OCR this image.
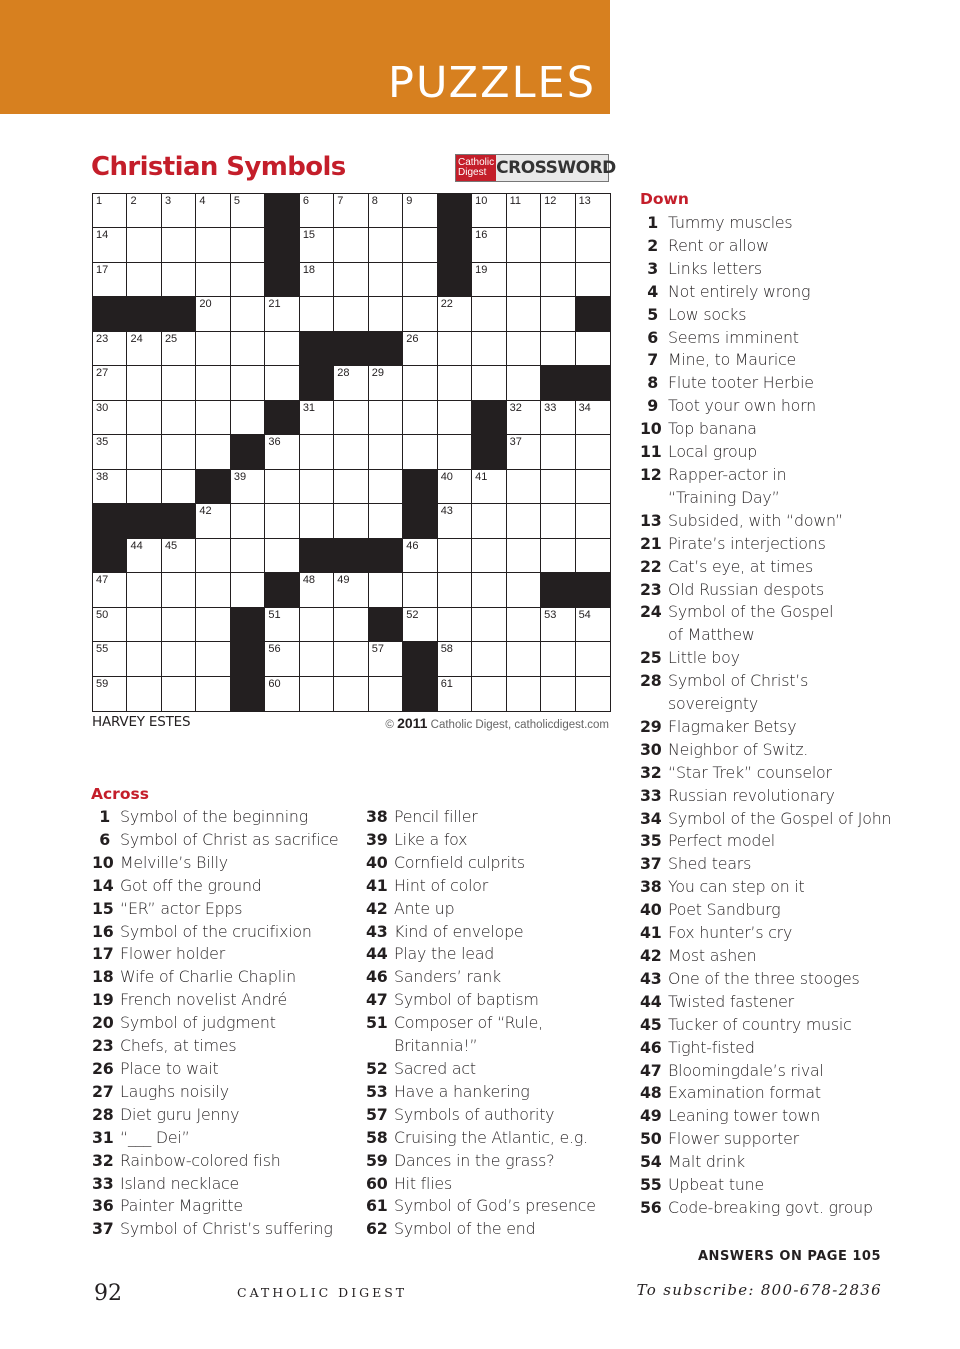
PUZZLES
Christian Symbols	Catholic
Digest CROSSWORD
1	2	3	4	5	6	7	8	9	10 11 12 13
14	15	16
17	18	19
20	21	22
23 24 25	26
27	28 29
30	31	32 33 34
35	36	37
38	39	40 41
42	43
44 45	46
47	48 49
50	51	52	53 54
55	56	57	58
59	60	61
HARVEY ESTES	© 2011 Catholic Digest, catholicdigest.com
Across
1 Symbol of the beginning
6 Symbol of Christ as sacrifice
10 Melville’s Billy
14 Got off the ground
15 “ER” actor Epps
16 Symbol of the crucifixion
17 Flower holder
18 Wife of Charlie Chaplin
19 French novelist André
20 Symbol of judgment
23 Chefs, at times
26 Place to wait
27 Laughs noisily
28 Diet guru Jenny
31 “___ Dei”
32 Rainbow-colored fish
33 Island necklace
36 Painter Magritte
37 Symbol of Christ’s suffering
38 Pencil filler
39 Like a fox
40 Cornfield culprits
41 Hint of color
42 Ante up
43 Kind of envelope
44 Play the lead
46 Sanders’ rank
47 Symbol of baptism
51 Composer of “Rule,
Britannia!”
52 Sacred act
53 Have a hankering
57 Symbols of authority
58 Cruising the Atlantic, e.g.
59 Dances in the grass?
60 Hit flies
61 Symbol of God’s presence
62 Symbol of the end
Down
1 Tummy muscles
2 Rent or allow
3 Links letters
4 Not entirely wrong
5 Low socks
6 Seems imminent
7 Mine, to Maurice
8 Flute tooter Herbie
9 Toot your own horn
10 Top banana
11 Local group
12 Rapper-actor in
“Training Day”
13 Subsided, with “down”
21 Pirate’s interjections
22 Cat’s eye, at times
23 Old Russian despots
24 Symbol of the Gospel
of Matthew
25 Little boy
28 Symbol of Christ’s
sovereignty
29 Flagmaker Betsy
30 Neighbor of Switz.
32 “Star Trek” counselor
33 Russian revolutionary
34 Symbol of the Gospel of John
35 Perfect model
37 Shed tears
38 You can step on it
40 Poet Sandburg
41 Fox hunter’s cry
42 Most ashen
43 One of the three stooges
44 Twisted fastener
45 Tucker of country music
46 Tight-fisted
47 Bloomingdale’s rival
48 Examination format
49 Leaning tower town
50 Flower supporter
54 Malt drink
55 Upbeat tune
56 Code-breaking govt. group
ANSWERS ON PAGE 105
92	CATHOLIC DIGEST	To subscribe: 800-678-2836
